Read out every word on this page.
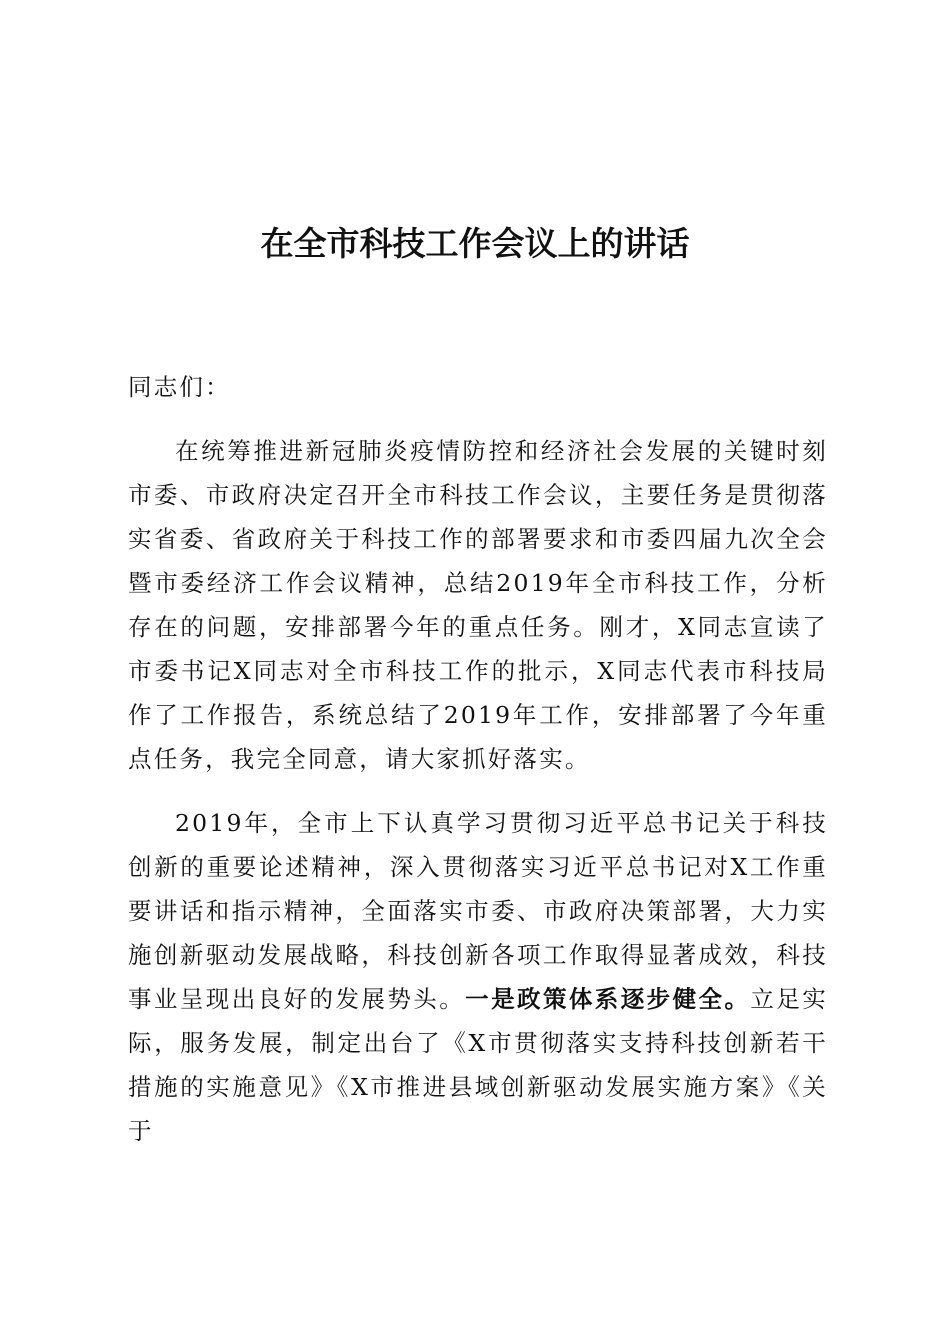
在全市科技工作会议上的讲话

同志们：

在统筹推进新冠肺炎疫情防控和经济社会发展的关键时刻市委、市政府决定召开全市科技工作会议，主要任务是贯彻落实省委、省政府关于科技工作的部署要求和市委四届九次全会暨市委经济工作会议精神，总结2019年全市科技工作，分析存在的问题，安排部署今年的重点任务。刚才，X同志宣读了市委书记X同志对全市科技工作的批示，X同志代表市科技局作了工作报告，系统总结了2019年工作，安排部署了今年重点任务，我完全同意，请大家抓好落实。

2019年，全市上下认真学习贯彻习近平总书记关于科技创新的重要论述精神，深入贯彻落实习近平总书记对X工作重要讲话和指示精神，全面落实市委、市政府决策部署，大力实施创新驱动发展战略，科技创新各项工作取得显著成效，科技事业呈现出良好的发展势头。一是政策体系逐步健全。立足实际，服务发展，制定出台了《X市贯彻落实支持科技创新若干措施的实施意见》《X市推进县域创新驱动发展实施方案》《关于
